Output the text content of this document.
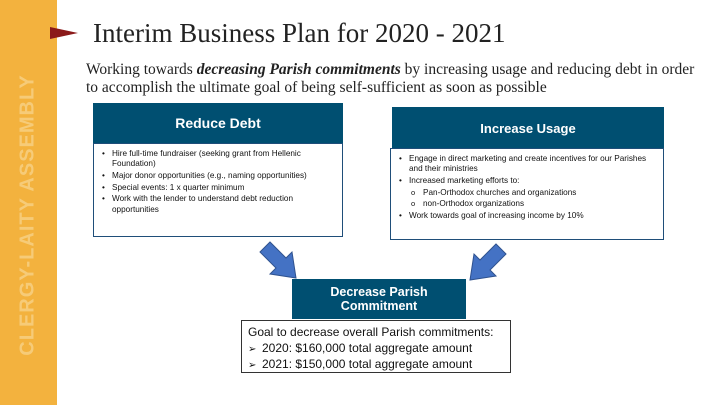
CLERGY-LAITY ASSEMBLY
Interim Business Plan for 2020 - 2021
Working towards decreasing Parish commitments by increasing usage and reducing debt in order to accomplish the ultimate goal of being self-sufficient as soon as possible
Reduce Debt
• Hire full-time fundraiser (seeking grant from Hellenic Foundation)
• Major donor opportunities (e.g., naming opportunities)
• Special events: 1 x quarter minimum
• Work with the lender to understand debt reduction opportunities
Increase Usage
• Engage in direct marketing and create incentives for our Parishes and their ministries
• Increased marketing efforts to:
o Pan-Orthodox churches and organizations
o non-Orthodox organizations
• Work towards goal of increasing income by 10%
Decrease Parish Commitment
Goal to decrease overall Parish commitments:
➢ 2020: $160,000 total aggregate amount
➢ 2021: $150,000 total aggregate amount
